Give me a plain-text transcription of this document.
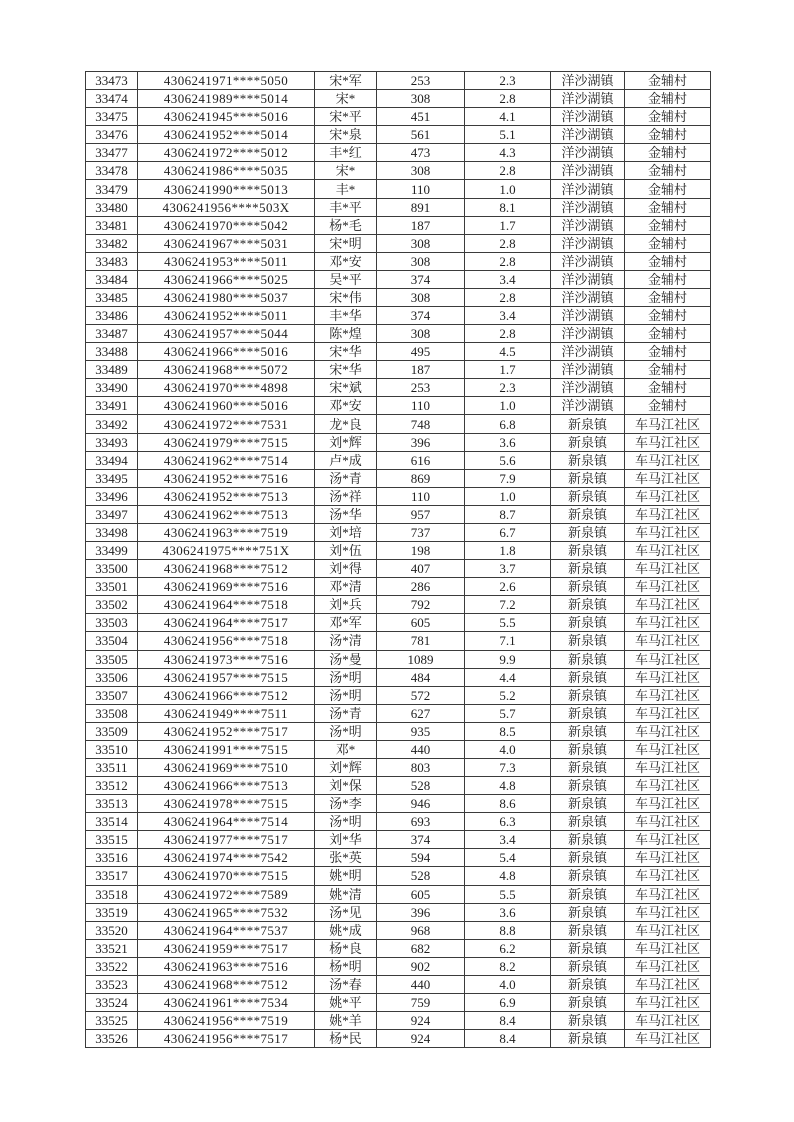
33473	4306241971****5050	宋*军	253	2.3	洋沙湖镇	金辅村
33474	4306241989****5014	宋*	308	2.8	洋沙湖镇	金辅村
33475	4306241945****5016	宋*平	451	4.1	洋沙湖镇	金辅村
33476	4306241952****5014	宋*泉	561	5.1	洋沙湖镇	金辅村
33477	4306241972****5012	丰*红	473	4.3	洋沙湖镇	金辅村
33478	4306241986****5035	宋*	308	2.8	洋沙湖镇	金辅村
33479	4306241990****5013	丰*	110	1.0	洋沙湖镇	金辅村
33480	4306241956****503X	丰*平	891	8.1	洋沙湖镇	金辅村
33481	4306241970****5042	杨*毛	187	1.7	洋沙湖镇	金辅村
33482	4306241967****5031	宋*明	308	2.8	洋沙湖镇	金辅村
33483	4306241953****5011	邓*安	308	2.8	洋沙湖镇	金辅村
33484	4306241966****5025	吴*平	374	3.4	洋沙湖镇	金辅村
33485	4306241980****5037	宋*伟	308	2.8	洋沙湖镇	金辅村
33486	4306241952****5011	丰*华	374	3.4	洋沙湖镇	金辅村
33487	4306241957****5044	陈*煌	308	2.8	洋沙湖镇	金辅村
33488	4306241966****5016	宋*华	495	4.5	洋沙湖镇	金辅村
33489	4306241968****5072	宋*华	187	1.7	洋沙湖镇	金辅村
33490	4306241970****4898	宋*斌	253	2.3	洋沙湖镇	金辅村
33491	4306241960****5016	邓*安	110	1.0	洋沙湖镇	金辅村
33492	4306241972****7531	龙*良	748	6.8	新泉镇	车马江社区
33493	4306241979****7515	刘*辉	396	3.6	新泉镇	车马江社区
33494	4306241962****7514	卢*成	616	5.6	新泉镇	车马江社区
33495	4306241952****7516	汤*青	869	7.9	新泉镇	车马江社区
33496	4306241952****7513	汤*祥	110	1.0	新泉镇	车马江社区
33497	4306241962****7513	汤*华	957	8.7	新泉镇	车马江社区
33498	4306241963****7519	刘*培	737	6.7	新泉镇	车马江社区
33499	4306241975****751X	刘*伍	198	1.8	新泉镇	车马江社区
33500	4306241968****7512	刘*得	407	3.7	新泉镇	车马江社区
33501	4306241969****7516	邓*清	286	2.6	新泉镇	车马江社区
33502	4306241964****7518	刘*兵	792	7.2	新泉镇	车马江社区
33503	4306241964****7517	邓*军	605	5.5	新泉镇	车马江社区
33504	4306241956****7518	汤*清	781	7.1	新泉镇	车马江社区
33505	4306241973****7516	汤*曼	1089	9.9	新泉镇	车马江社区
33506	4306241957****7515	汤*明	484	4.4	新泉镇	车马江社区
33507	4306241966****7512	汤*明	572	5.2	新泉镇	车马江社区
33508	4306241949****7511	汤*青	627	5.7	新泉镇	车马江社区
33509	4306241952****7517	汤*明	935	8.5	新泉镇	车马江社区
33510	4306241991****7515	邓*	440	4.0	新泉镇	车马江社区
33511	4306241969****7510	刘*辉	803	7.3	新泉镇	车马江社区
33512	4306241966****7513	刘*保	528	4.8	新泉镇	车马江社区
33513	4306241978****7515	汤*李	946	8.6	新泉镇	车马江社区
33514	4306241964****7514	汤*明	693	6.3	新泉镇	车马江社区
33515	4306241977****7517	刘*华	374	3.4	新泉镇	车马江社区
33516	4306241974****7542	张*英	594	5.4	新泉镇	车马江社区
33517	4306241970****7515	姚*明	528	4.8	新泉镇	车马江社区
33518	4306241972****7589	姚*清	605	5.5	新泉镇	车马江社区
33519	4306241965****7532	汤*见	396	3.6	新泉镇	车马江社区
33520	4306241964****7537	姚*成	968	8.8	新泉镇	车马江社区
33521	4306241959****7517	杨*良	682	6.2	新泉镇	车马江社区
33522	4306241963****7516	杨*明	902	8.2	新泉镇	车马江社区
33523	4306241968****7512	汤*春	440	4.0	新泉镇	车马江社区
33524	4306241961****7534	姚*平	759	6.9	新泉镇	车马江社区
33525	4306241956****7519	姚*羊	924	8.4	新泉镇	车马江社区
33526	4306241956****7517	杨*民	924	8.4	新泉镇	车马江社区
